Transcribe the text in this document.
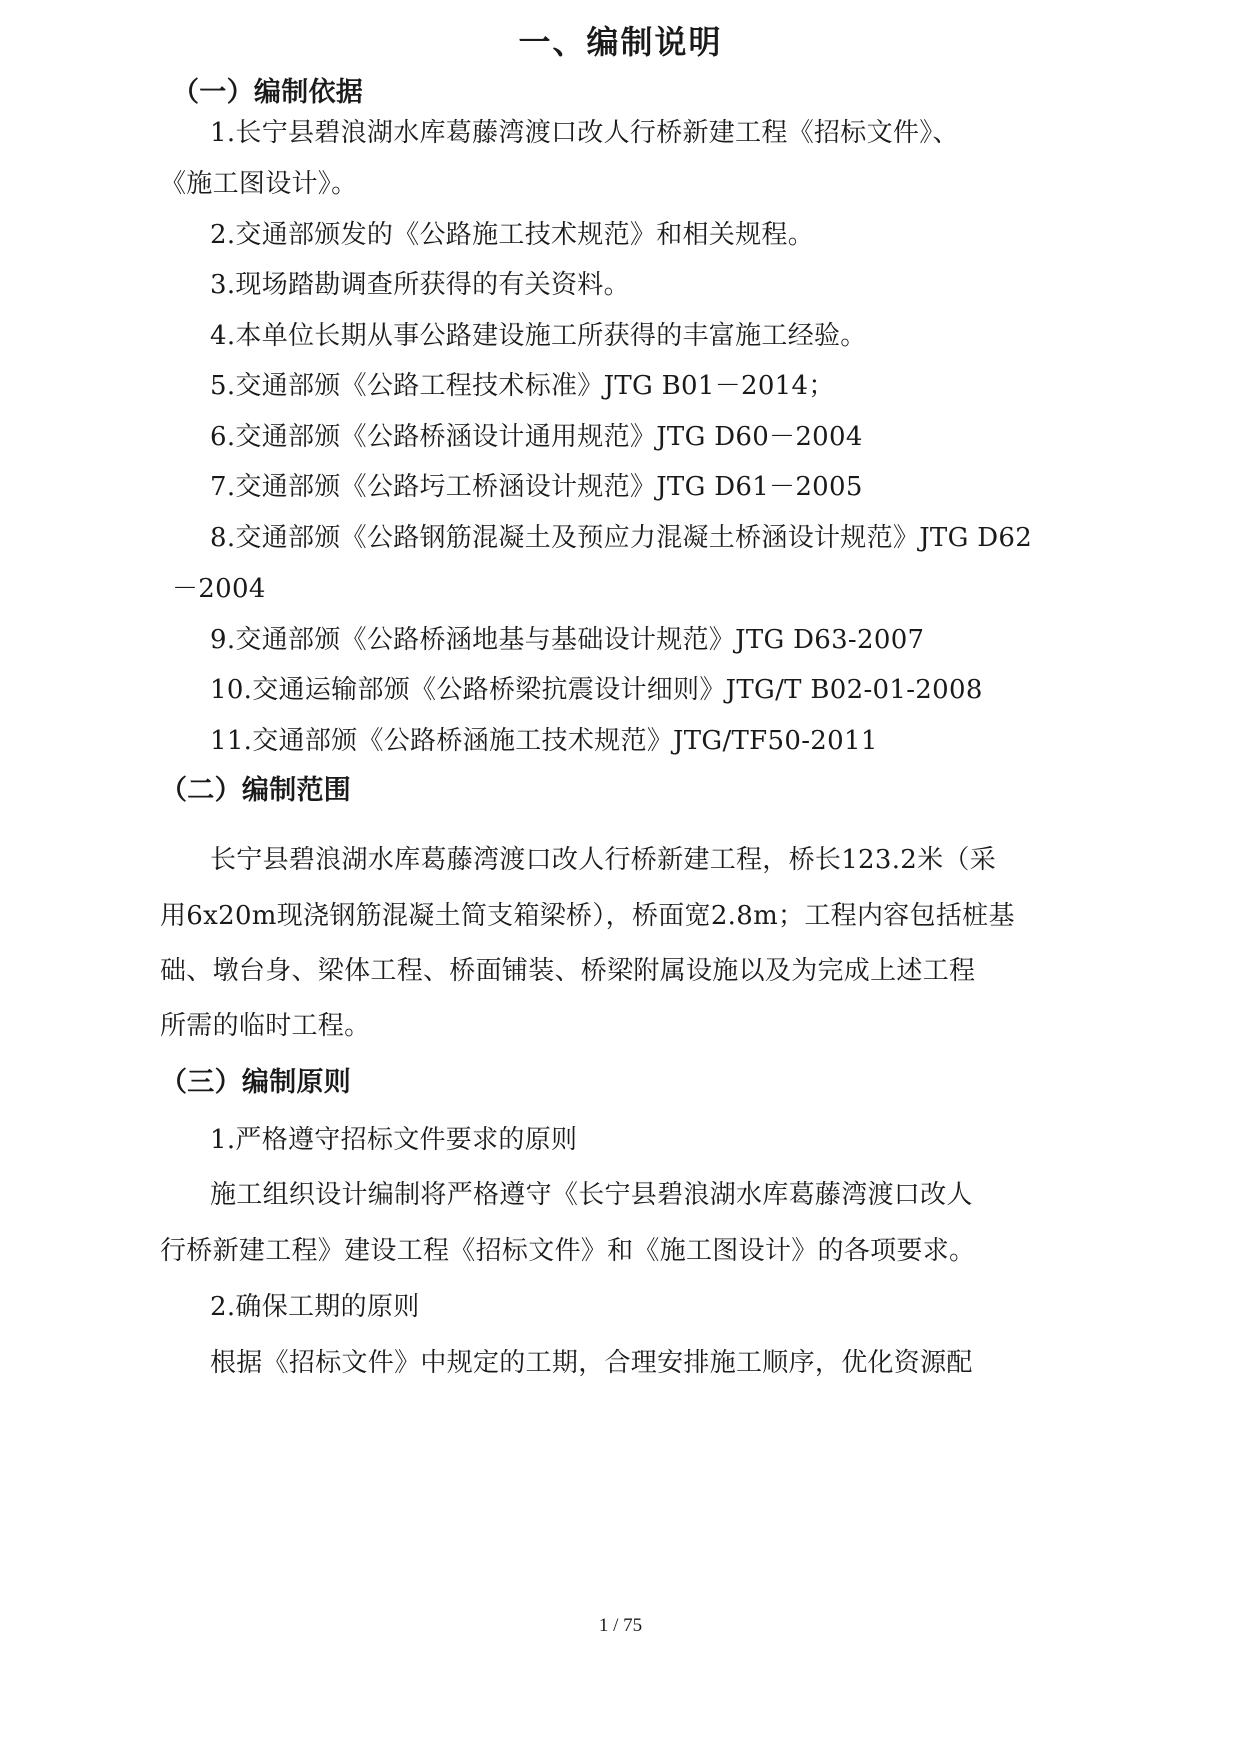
一、编制说明
（一）编制依据
1.长宁县碧浪湖水库葛藤湾渡口改人行桥新建工程《招标文件》、
《施工图设计》。
2.交通部颁发的《公路施工技术规范》和相关规程。
3.现场踏勘调查所获得的有关资料。
4.本单位长期从事公路建设施工所获得的丰富施工经验。
5.交通部颁《公路工程技术标准》JTG B01－2014；
6.交通部颁《公路桥涵设计通用规范》JTG D60－2004
7.交通部颁《公路圬工桥涵设计规范》JTG D61－2005
8.交通部颁《公路钢筋混凝土及预应力混凝土桥涵设计规范》JTG D62
－2004
9.交通部颁《公路桥涵地基与基础设计规范》JTG D63-2007
10.交通运输部颁《公路桥梁抗震设计细则》JTG/T B02-01-2008
11.交通部颁《公路桥涵施工技术规范》JTG/TF50-2011
（二）编制范围
长宁县碧浪湖水库葛藤湾渡口改人行桥新建工程，桥长123.2米（采
用6x20m现浇钢筋混凝土简支箱梁桥），桥面宽2.8m；工程内容包括桩基
础、墩台身、梁体工程、桥面铺装、桥梁附属设施以及为完成上述工程
所需的临时工程。
（三）编制原则
1.严格遵守招标文件要求的原则
施工组织设计编制将严格遵守《长宁县碧浪湖水库葛藤湾渡口改人
行桥新建工程》建设工程《招标文件》和《施工图设计》的各项要求。
2.确保工期的原则
根据《招标文件》中规定的工期，合理安排施工顺序，优化资源配
1 / 75
